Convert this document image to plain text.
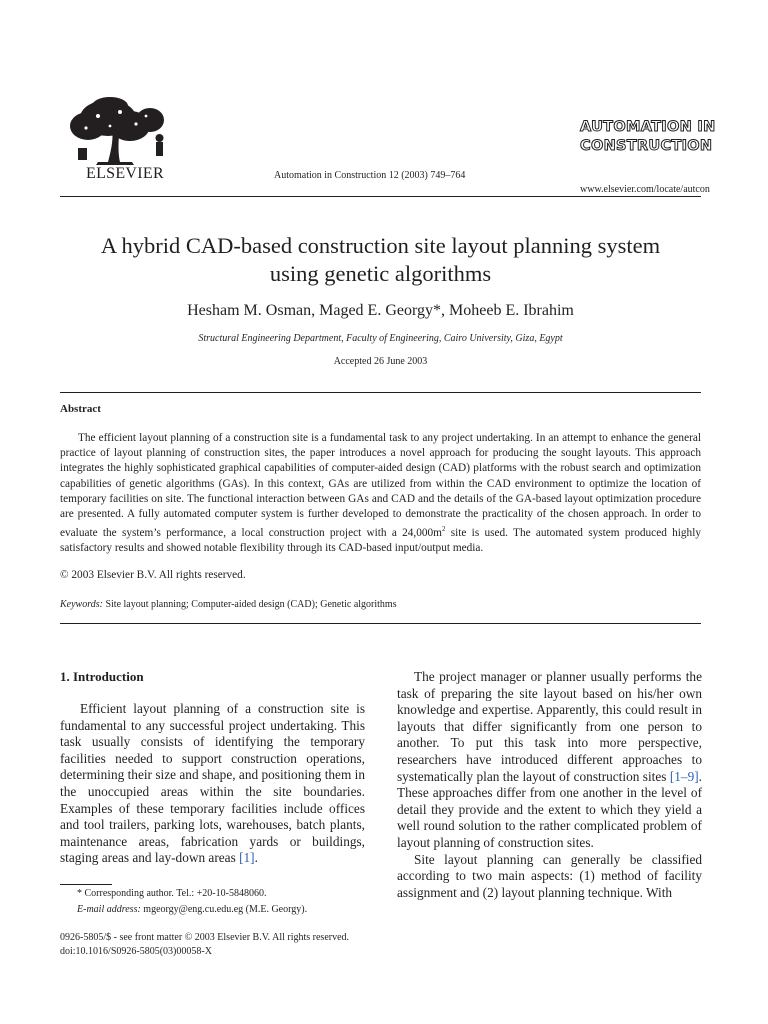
ELSEVIER	Automation in Construction 12 (2003) 749–764
AUTOMATION IN
CONSTRUCTION
www.elsevier.com/locate/autcon
A hybrid CAD-based construction site layout planning system
using genetic algorithms
Hesham M. Osman, Maged E. Georgy*, Moheeb E. Ibrahim
Structural Engineering Department, Faculty of Engineering, Cairo University, Giza, Egypt
Accepted 26 June 2003
Abstract
The efficient layout planning of a construction site is a fundamental task to any project undertaking. In an attempt to enhance the general practice of layout planning of construction sites, the paper introduces a novel approach for producing the sought layouts. This approach integrates the highly sophisticated graphical capabilities of computer-aided design (CAD) platforms with the robust search and optimization capabilities of genetic algorithms (GAs). In this context, GAs are utilized from within the CAD environment to optimize the location of temporary facilities on site. The functional interaction between GAs and CAD and the details of the GA-based layout optimization procedure are presented. A fully automated computer system is further developed to demonstrate the practicality of the chosen approach. In order to evaluate the system’s performance, a local construction project with a $24,000m^2$ site is used. The automated system produced highly satisfactory results and showed notable flexibility through its CAD-based input/output media.
© 2003 Elsevier B.V. All rights reserved.
Keywords: Site layout planning; Computer-aided design (CAD); Genetic algorithms
1. Introduction
Efficient layout planning of a construction site is fundamental to any successful project undertaking. This task usually consists of identifying the temporary facilities needed to support construction operations, determining their size and shape, and positioning them in the unoccupied areas within the site boundaries. Examples of these temporary facilities include offices and tool trailers, parking lots, warehouses, batch plants, maintenance areas, fabrication yards or buildings, staging areas and lay-down areas [1].

The project manager or planner usually performs the task of preparing the site layout based on his/her own knowledge and expertise. Apparently, this could result in layouts that differ significantly from one person to another. To put this task into more perspective, researchers have introduced different approaches to systematically plan the layout of construction sites [1–9]. These approaches differ from one another in the level of detail they provide and the extent to which they yield a well round solution to the rather complicated problem of layout planning of construction sites.

Site layout planning can generally be classified according to two main aspects: (1) method of facility assignment and (2) layout planning technique. With

* Corresponding author. Tel.: +20-10-5848060.
E-mail address: mgeorgy@eng.cu.edu.eg (M.E. Georgy).
0926-5805/$ - see front matter © 2003 Elsevier B.V. All rights reserved.
doi:10.1016/S0926-5805(03)00058-X
